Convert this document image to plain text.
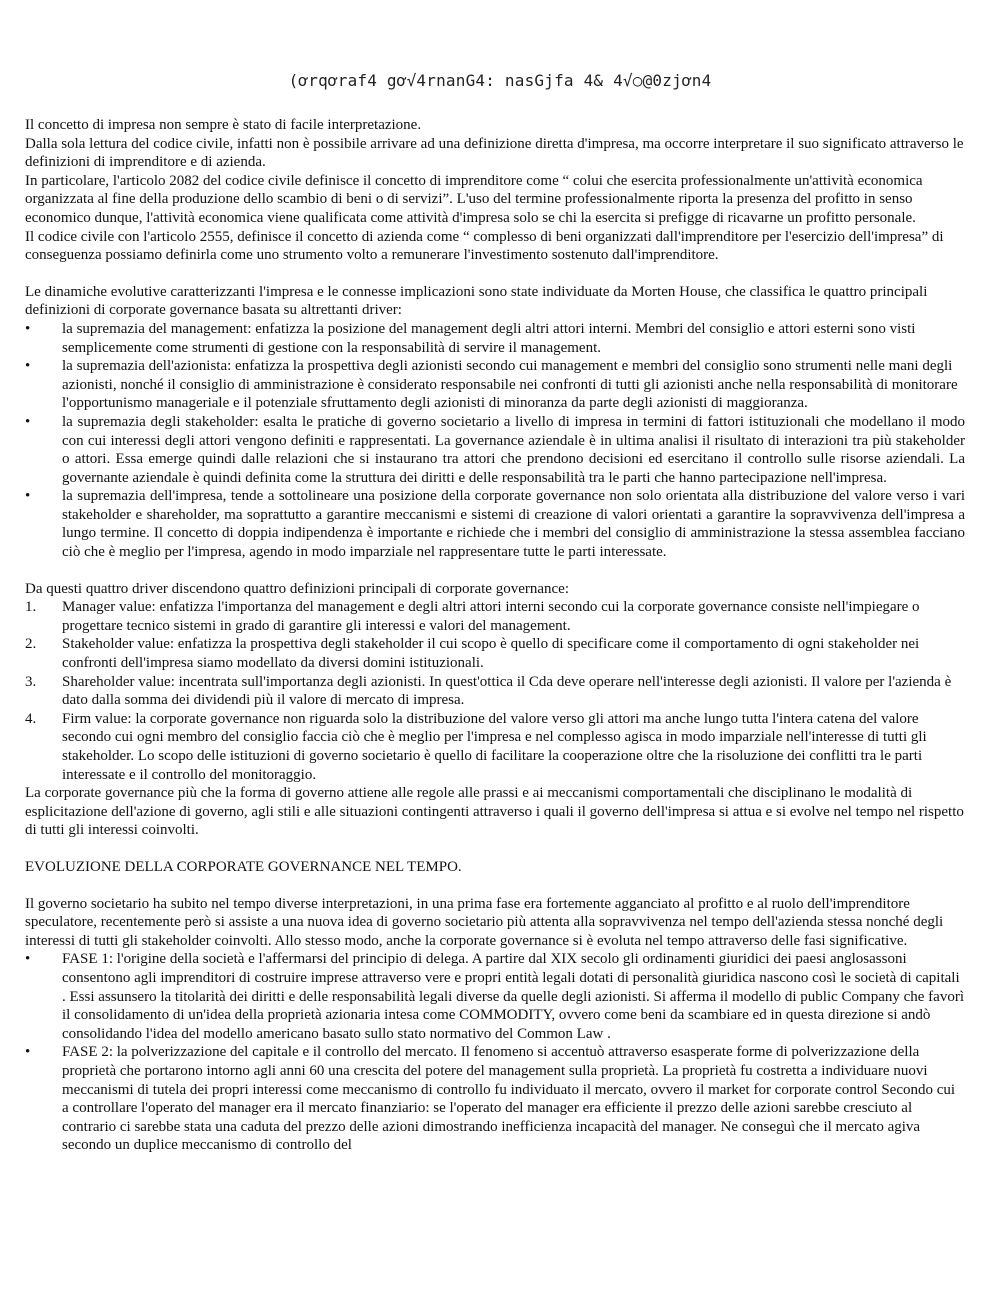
(ơrqơraf4 gơ√4rnanG4: nasGjfa 4& 4√○@0zjơn4

Il concetto di impresa non sempre è stato di facile interpretazione.

Dalla sola lettura del codice civile, infatti non è possibile arrivare ad una definizione diretta d'impresa, ma occorre interpretare il suo significato attraverso le definizioni di imprenditore e di azienda.

In particolare, l'articolo 2082 del codice civile definisce il concetto di imprenditore come “ colui che esercita professionalmente un'attività economica organizzata al fine della produzione dello scambio di beni o di servizi”. L'uso del termine professionalmente riporta la presenza del profitto in senso economico dunque, l'attività economica viene qualificata come attività d'impresa solo se chi la esercita si prefigge di ricavarne un profitto personale.

Il codice civile con l'articolo 2555, definisce il concetto di azienda come “ complesso di beni organizzati dall'imprenditore per l'esercizio dell'impresa” di conseguenza possiamo definirla come uno strumento volto a remunerare l'investimento sostenuto dall'imprenditore.

Le dinamiche evolutive caratterizzanti l'impresa e le connesse implicazioni sono state individuate da Morten House, che classifica le quattro principali definizioni di corporate governance basata su altrettanti driver:

•	la supremazia del management: enfatizza la posizione del management degli altri attori interni. Membri del consiglio e attori esterni sono visti semplicemente come strumenti di gestione con la responsabilità di servire il management.
•	la supremazia dell'azionista: enfatizza la prospettiva degli azionisti secondo cui management e membri del consiglio sono strumenti nelle mani degli azionisti, nonché il consiglio di amministrazione è considerato responsabile nei confronti di tutti gli azionisti anche nella responsabilità di monitorare l'opportunismo manageriale e il potenziale sfruttamento degli azionisti di minoranza da parte degli azionisti di maggioranza.
•	la supremazia degli stakeholder: esalta le pratiche di governo societario a livello di impresa in termini di fattori istituzionali che modellano il modo con cui interessi degli attori vengono definiti e rappresentati. La governance aziendale è in ultima analisi il risultato di interazioni tra più stakeholder o attori. Essa emerge quindi dalle relazioni che si instaurano tra attori che prendono decisioni ed esercitano il controllo sulle risorse aziendali. La governante aziendale è quindi definita come la struttura dei diritti e delle responsabilità tra le parti che hanno partecipazione nell'impresa.
•	la supremazia dell'impresa, tende a sottolineare una posizione della corporate governance non solo orientata alla distribuzione del valore verso i vari stakeholder e shareholder, ma soprattutto a garantire meccanismi e sistemi di creazione di valori orientati a garantire la sopravvivenza dell'impresa a lungo termine. Il concetto di doppia indipendenza è importante e richiede che i membri del consiglio di amministrazione la stessa assemblea facciano ciò che è meglio per l'impresa, agendo in modo imparziale nel rappresentare tutte le parti interessate.

Da questi quattro driver discendono quattro definizioni principali di corporate governance:

1.	Manager value: enfatizza l'importanza del management e degli altri attori interni secondo cui la corporate governance consiste nell'impiegare o progettare tecnico sistemi in grado di garantire gli interessi e valori del management.
2.	Stakeholder value: enfatizza la prospettiva degli stakeholder il cui scopo è quello di specificare come il comportamento di ogni stakeholder nei confronti dell'impresa siamo modellato da diversi domini istituzionali.
3.	Shareholder value: incentrata sull'importanza degli azionisti. In quest'ottica il Cda deve operare nell'interesse degli azionisti. Il valore per l'azienda è dato dalla somma dei dividendi più il valore di mercato di impresa.
4.	Firm value: la corporate governance non riguarda solo la distribuzione del valore verso gli attori ma anche lungo tutta l'intera catena del valore secondo cui ogni membro del consiglio faccia ciò che è meglio per l'impresa e nel complesso agisca in modo imparziale nell'interesse di tutti gli stakeholder. Lo scopo delle istituzioni di governo societario è quello di facilitare la cooperazione oltre che la risoluzione dei conflitti tra le parti interessate e il controllo del monitoraggio.

La corporate governance più che la forma di governo attiene alle regole alle prassi e ai meccanismi comportamentali che disciplinano le modalità di esplicitazione dell'azione di governo, agli stili e alle situazioni contingenti attraverso i quali il governo dell'impresa si attua e si evolve nel tempo nel rispetto di tutti gli interessi coinvolti.

EVOLUZIONE DELLA CORPORATE GOVERNANCE NEL TEMPO.

Il governo societario ha subito nel tempo diverse interpretazioni, in una prima fase era fortemente agganciato al profitto e al ruolo dell'imprenditore speculatore, recentemente però si assiste a una nuova idea di governo societario più attenta alla sopravvivenza nel tempo dell'azienda stessa nonché degli interessi di tutti gli stakeholder coinvolti. Allo stesso modo, anche la corporate governance si è evoluta nel tempo attraverso delle fasi significative.

•	FASE 1: l'origine della società e l'affermarsi del principio di delega. A partire dal XIX secolo gli ordinamenti giuridici dei paesi anglosassoni consentono agli imprenditori di costruire imprese attraverso vere e propri entità legali dotati di personalità giuridica nascono così le società di capitali . Essi assunsero la titolarità dei diritti e delle responsabilità legali diverse da quelle degli azionisti. Si afferma il modello di public Company che favorì il consolidamento di un'idea della proprietà azionaria intesa come COMMODITY, ovvero come beni da scambiare ed in questa direzione si andò consolidando l'idea del modello americano basato sullo stato normativo del Common Law .
•	FASE 2: la polverizzazione del capitale e il controllo del mercato. Il fenomeno si accentuò attraverso esasperate forme di polverizzazione della proprietà che portarono intorno agli anni 60 una crescita del potere del management sulla proprietà. La proprietà fu costretta a individuare nuovi meccanismi di tutela dei propri interessi come meccanismo di controllo fu individuato il mercato, ovvero il market for corporate control Secondo cui a controllare l'operato del manager era il mercato finanziario: se l'operato del manager era efficiente il prezzo delle azioni sarebbe cresciuto al contrario ci sarebbe stata una caduta del prezzo delle azioni dimostrando inefficienza incapacità del manager. Ne conseguì che il mercato agiva secondo un duplice meccanismo di controllo del
